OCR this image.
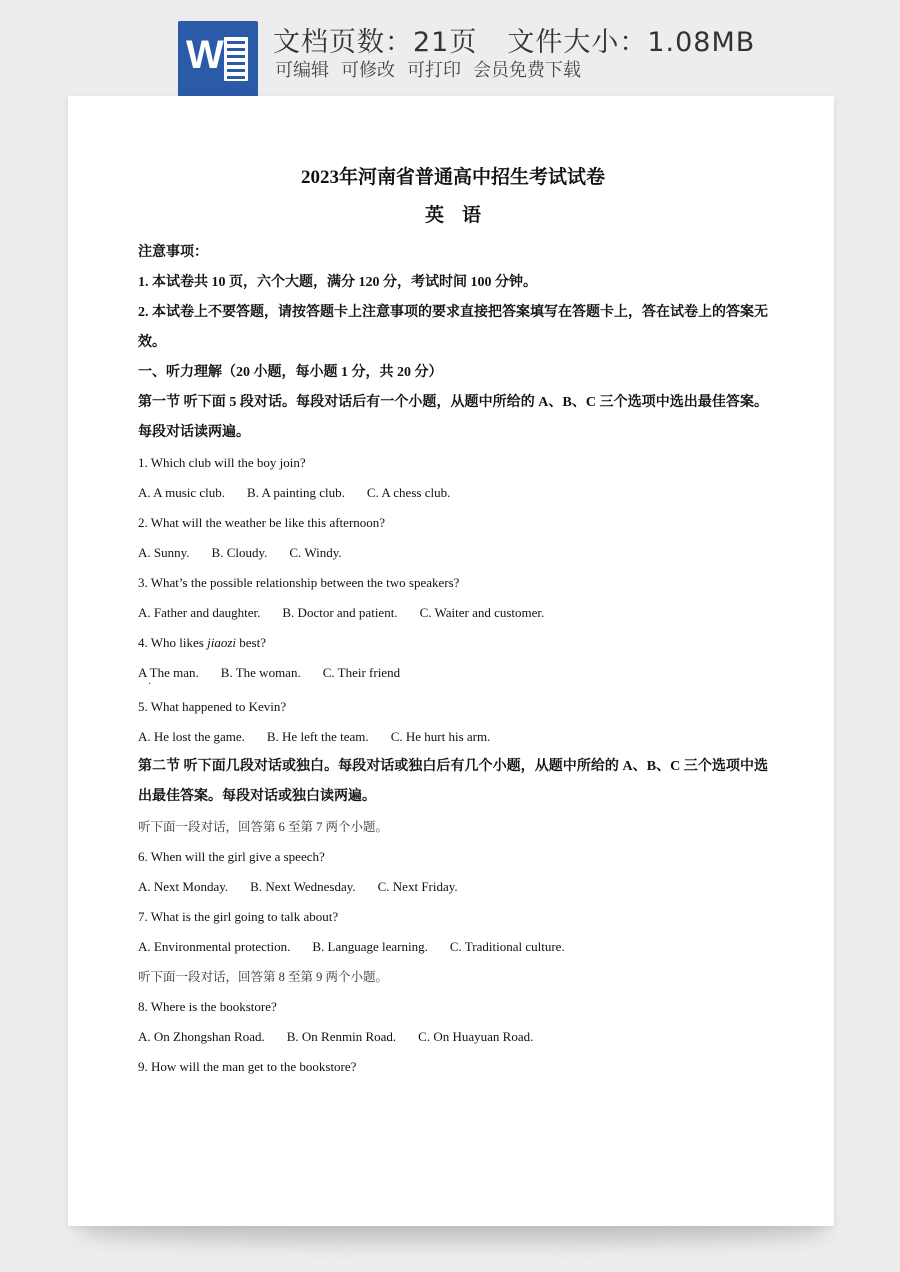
W 文档页数：21页 文件大小：1.08MB
可编辑 可修改 可打印 会员免费下载
2023年河南省普通高中招生考试试卷
英语
注意事项：
1. 本试卷共 10 页，六个大题，满分 120 分，考试时间 100 分钟。
2. 本试卷上不要答题，请按答题卡上注意事项的要求直接把答案填写在答题卡上，答在试卷上的答案无效。
一、听力理解（20 小题，每小题 1 分，共 20 分）
第一节 听下面 5 段对话。每段对话后有一个小题，从题中所给的 A、B、C 三个选项中选出最佳答案。每段对话读两遍。
1. Which club will the boy join?
A. A music club. B. A painting club. C. A chess club.
2. What will the weather be like this afternoon?
A. Sunny. B. Cloudy. C. Windy.
3. What’s the possible relationship between the two speakers?
A. Father and daughter. B. Doctor and patient. C. Waiter and customer.
4. Who likes jiaozi best?
A The man. B. The woman. C. Their friend
·
5. What happened to Kevin?
A. He lost the game. B. He left the team. C. He hurt his arm.
第二节 听下面几段对话或独白。每段对话或独白后有几个小题，从题中所给的 A、B、C 三个选项中选出最佳答案。每段对话或独白读两遍。
听下面一段对话，回答第 6 至第 7 两个小题。
6. When will the girl give a speech?
A. Next Monday. B. Next Wednesday. C. Next Friday.
7. What is the girl going to talk about?
A. Environmental protection. B. Language learning. C. Traditional culture.
听下面一段对话，回答第 8 至第 9 两个小题。
8. Where is the bookstore?
A. On Zhongshan Road. B. On Renmin Road. C. On Huayuan Road.
9. How will the man get to the bookstore?
